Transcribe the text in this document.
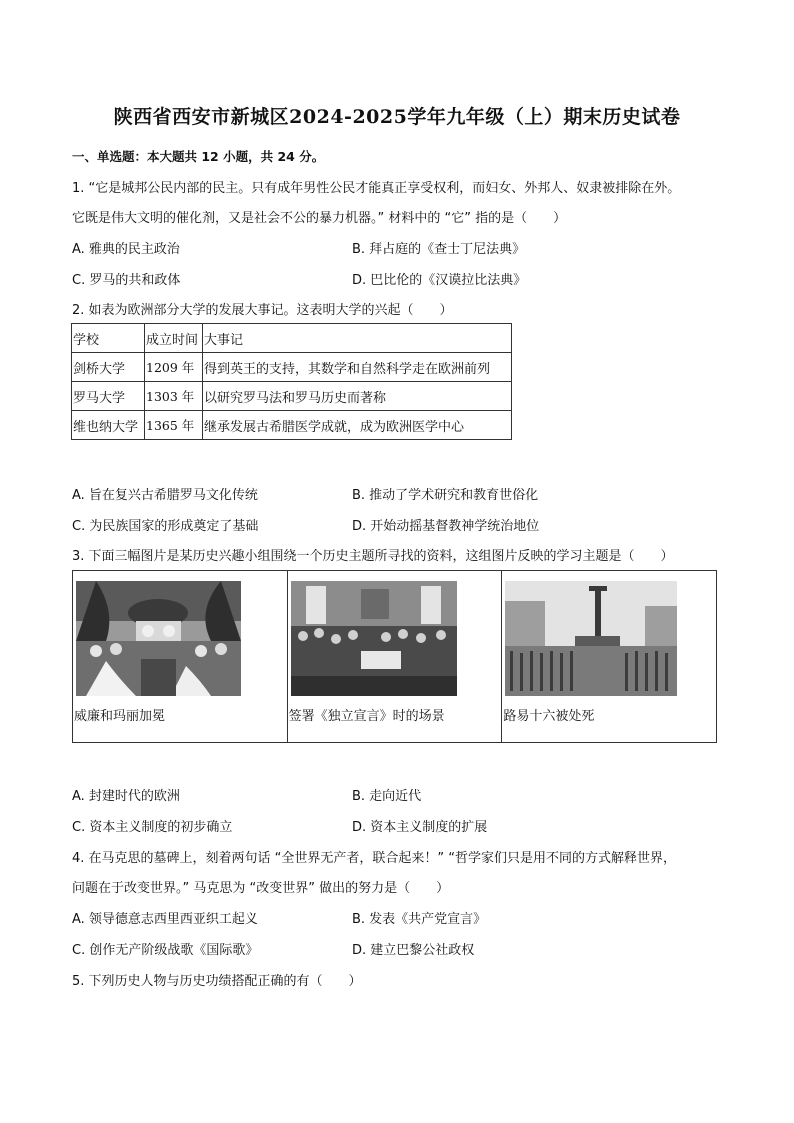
陕西省西安市新城区2024-2025学年九年级（上）期末历史试卷
一、单选题：本大题共 12 小题，共 24 分。
1. “它是城邦公民内部的民主。只有成年男性公民才能真正享受权利，而妇女、外邦人、奴隶被排除在外。
它既是伟大文明的催化剂，又是社会不公的暴力机器。” 材料中的 “它” 指的是（　　）
A. 雅典的民主政治	B. 拜占庭的《查士丁尼法典》
C. 罗马的共和政体	D. 巴比伦的《汉谟拉比法典》
2. 如表为欧洲部分大学的发展大事记。这表明大学的兴起（　　）
学校	成立时间	大事记
剑桥大学	1209 年	得到英王的支持，其数学和自然科学走在欧洲前列
罗马大学	1303 年	以研究罗马法和罗马历史而著称
维也纳大学	1365 年	继承发展古希腊医学成就，成为欧洲医学中心
A. 旨在复兴古希腊罗马文化传统	B. 推动了学术研究和教育世俗化
C. 为民族国家的形成奠定了基础	D. 开始动摇基督教神学统治地位
3. 下面三幅图片是某历史兴趣小组围绕一个历史主题所寻找的资料，这组图片反映的学习主题是（　　）
威廉和玛丽加冕	签署《独立宣言》时的场景	路易十六被处死
A. 封建时代的欧洲	B. 走向近代
C. 资本主义制度的初步确立	D. 资本主义制度的扩展
4. 在马克思的墓碑上，刻着两句话 “全世界无产者，联合起来！” “哲学家们只是用不同的方式解释世界，
问题在于改变世界。” 马克思为 “改变世界” 做出的努力是（　　）
A. 领导德意志西里西亚织工起义	B. 发表《共产党宣言》
C. 创作无产阶级战歌《国际歌》	D. 建立巴黎公社政权
5. 下列历史人物与历史功绩搭配正确的有（　　）
